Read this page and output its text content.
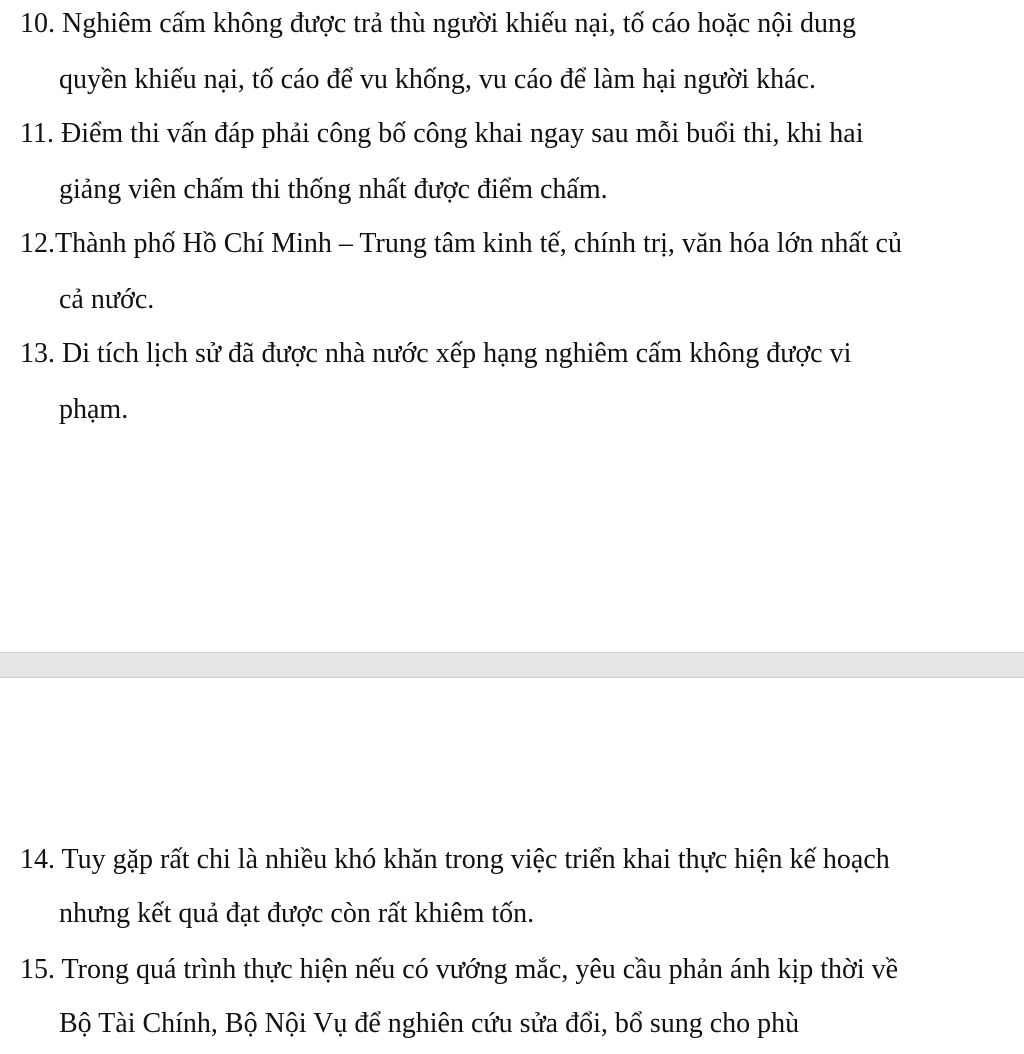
10. Nghiêm cấm không được trả thù người khiếu nại, tố cáo hoặc nội dung
quyền khiếu nại, tố cáo để vu khống, vu cáo để làm hại người khác.
11. Điểm thi vấn đáp phải công bố công khai ngay sau mỗi buổi thi, khi hai
giảng viên chấm thi thống nhất được điểm chấm.
12.Thành phố Hồ Chí Minh – Trung tâm kinh tế, chính trị, văn hóa lớn nhất củ
cả nước.
13. Di tích lịch sử đã được nhà nước xếp hạng nghiêm cấm không được vi
phạm.
14. Tuy gặp rất chi là nhiều khó khăn trong việc triển khai thực hiện kế hoạch
nhưng kết quả đạt được còn rất khiêm tốn.
15. Trong quá trình thực hiện nếu có vướng mắc, yêu cầu phản ánh kịp thời về
Bộ Tài Chính, Bộ Nội Vụ để nghiên cứu sửa đổi, bổ sung cho phù
